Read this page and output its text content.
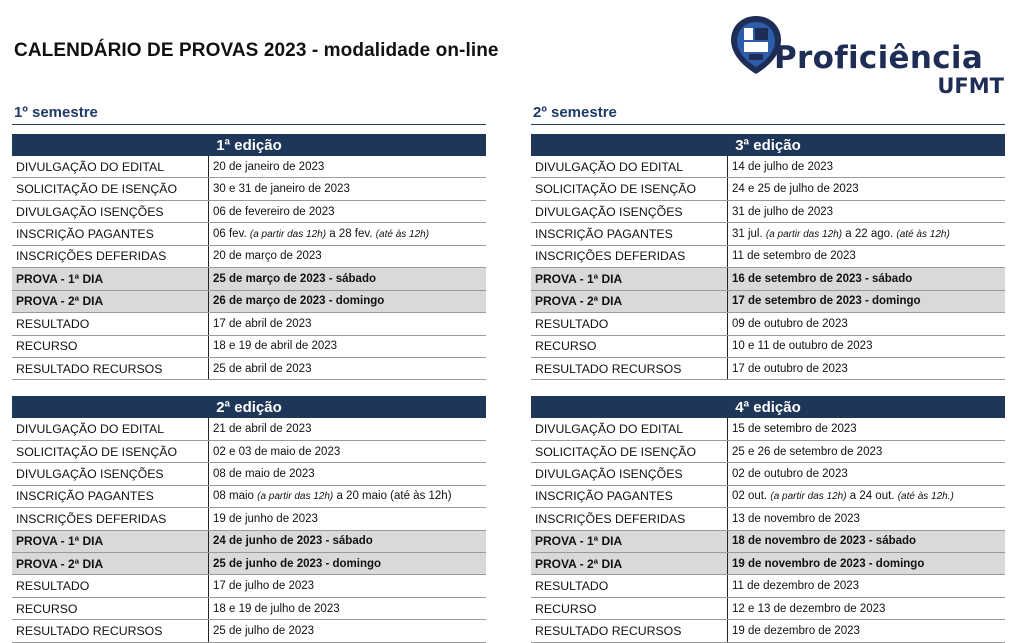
CALENDÁRIO DE PROVAS 2023 - modalidade on-line	Proficiência
UFMT
1º semestre
1ª edição
DIVULGAÇÃO DO EDITAL	20 de janeiro de 2023
SOLICITAÇÃO DE ISENÇÃO	30 e 31 de janeiro de 2023
DIVULGAÇÃO ISENÇÕES	06 de fevereiro de 2023
INSCRIÇÃO PAGANTES	06 fev. (a partir das 12h) a 28 fev. (até às 12h)
INSCRIÇÕES DEFERIDAS	20 de março de 2023
PROVA - 1ª DIA	25 de março de 2023 - sábado
PROVA - 2ª DIA	26 de março de 2023 - domingo
RESULTADO	17 de abril de 2023
RECURSO	18 e 19 de abril de 2023
RESULTADO RECURSOS	25 de abril de 2023
2ª edição
DIVULGAÇÃO DO EDITAL	21 de abril de 2023
SOLICITAÇÃO DE ISENÇÃO	02 e 03 de maio de 2023
DIVULGAÇÃO ISENÇÕES	08 de maio de 2023
INSCRIÇÃO PAGANTES	08 maio (a partir das 12h) a 20 maio (até às 12h)
INSCRIÇÕES DEFERIDAS	19 de junho de 2023
PROVA - 1ª DIA	24 de junho de 2023 - sábado
PROVA - 2ª DIA	25 de junho de 2023 - domingo
RESULTADO	17 de julho de 2023
RECURSO	18 e 19 de julho de 2023
RESULTADO RECURSOS	25 de julho de 2023
2º semestre
3ª edição
DIVULGAÇÃO DO EDITAL	14 de julho de 2023
SOLICITAÇÃO DE ISENÇÃO	24 e 25 de julho de 2023
DIVULGAÇÃO ISENÇÕES	31 de julho de 2023
INSCRIÇÃO PAGANTES	31 jul. (a partir das 12h) a 22 ago. (até às 12h)
INSCRIÇÕES DEFERIDAS	11 de setembro de 2023
PROVA - 1ª DIA	16 de setembro de 2023 - sábado
PROVA - 2ª DIA	17 de setembro de 2023 - domingo
RESULTADO	09 de outubro de 2023
RECURSO	10 e 11 de outubro de 2023
RESULTADO RECURSOS	17 de outubro de 2023
4ª edição
DIVULGAÇÃO DO EDITAL	15 de setembro de 2023
SOLICITAÇÃO DE ISENÇÃO	25 e 26 de setembro de 2023
DIVULGAÇÃO ISENÇÕES	02 de outubro de 2023
INSCRIÇÃO PAGANTES	02 out. (a partir das 12h) a 24 out. (até às 12h.)
INSCRIÇÕES DEFERIDAS	13 de novembro de 2023
PROVA - 1ª DIA	18 de novembro de 2023 - sábado
PROVA - 2ª DIA	19 de novembro de 2023 - domingo
RESULTADO	11 de dezembro de 2023
RECURSO	12 e 13 de dezembro de 2023
RESULTADO RECURSOS	19 de dezembro de 2023
